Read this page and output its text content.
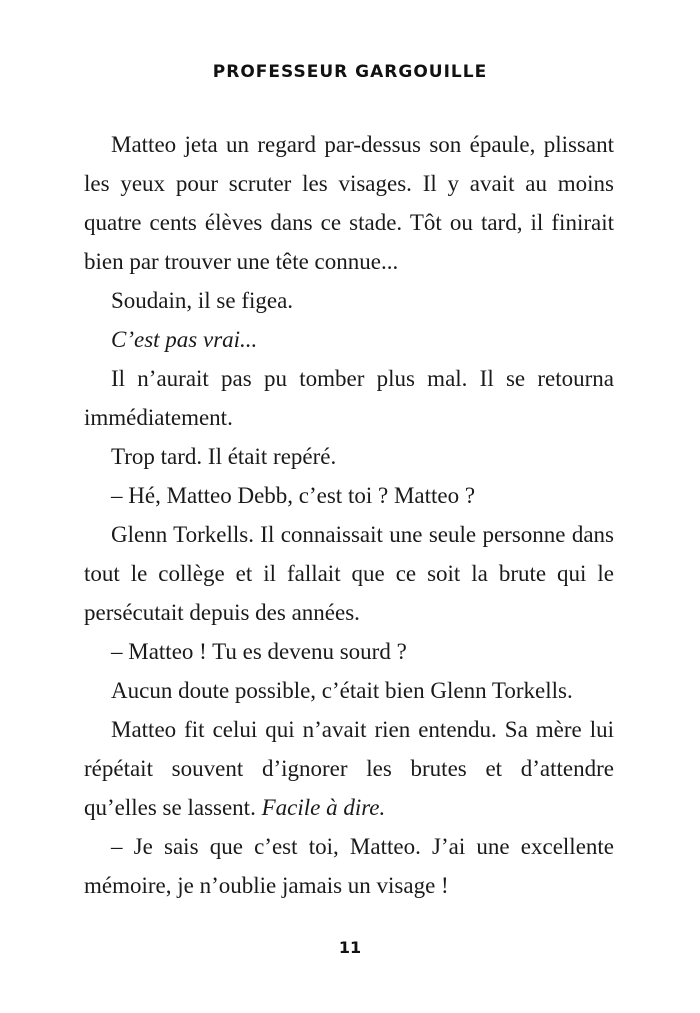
PROFESSEUR GARGOUILLE

Matteo jeta un regard par-dessus son épaule, plissant les yeux pour scruter les visages. Il y avait au moins quatre cents élèves dans ce stade. Tôt ou tard, il finirait bien par trouver une tête connue...

Soudain, il se figea.

C’est pas vrai...

Il n’aurait pas pu tomber plus mal. Il se retourna immédiatement.

Trop tard. Il était repéré.

– Hé, Matteo Debb, c’est toi ? Matteo ?

Glenn Torkells. Il connaissait une seule personne dans tout le collège et il fallait que ce soit la brute qui le persécutait depuis des années.

– Matteo ! Tu es devenu sourd ?

Aucun doute possible, c’était bien Glenn Torkells.

Matteo fit celui qui n’avait rien entendu. Sa mère lui répétait souvent d’ignorer les brutes et d’attendre qu’elles se lassent. Facile à dire.

– Je sais que c’est toi, Matteo. J’ai une excellente mémoire, je n’oublie jamais un visage !

11
